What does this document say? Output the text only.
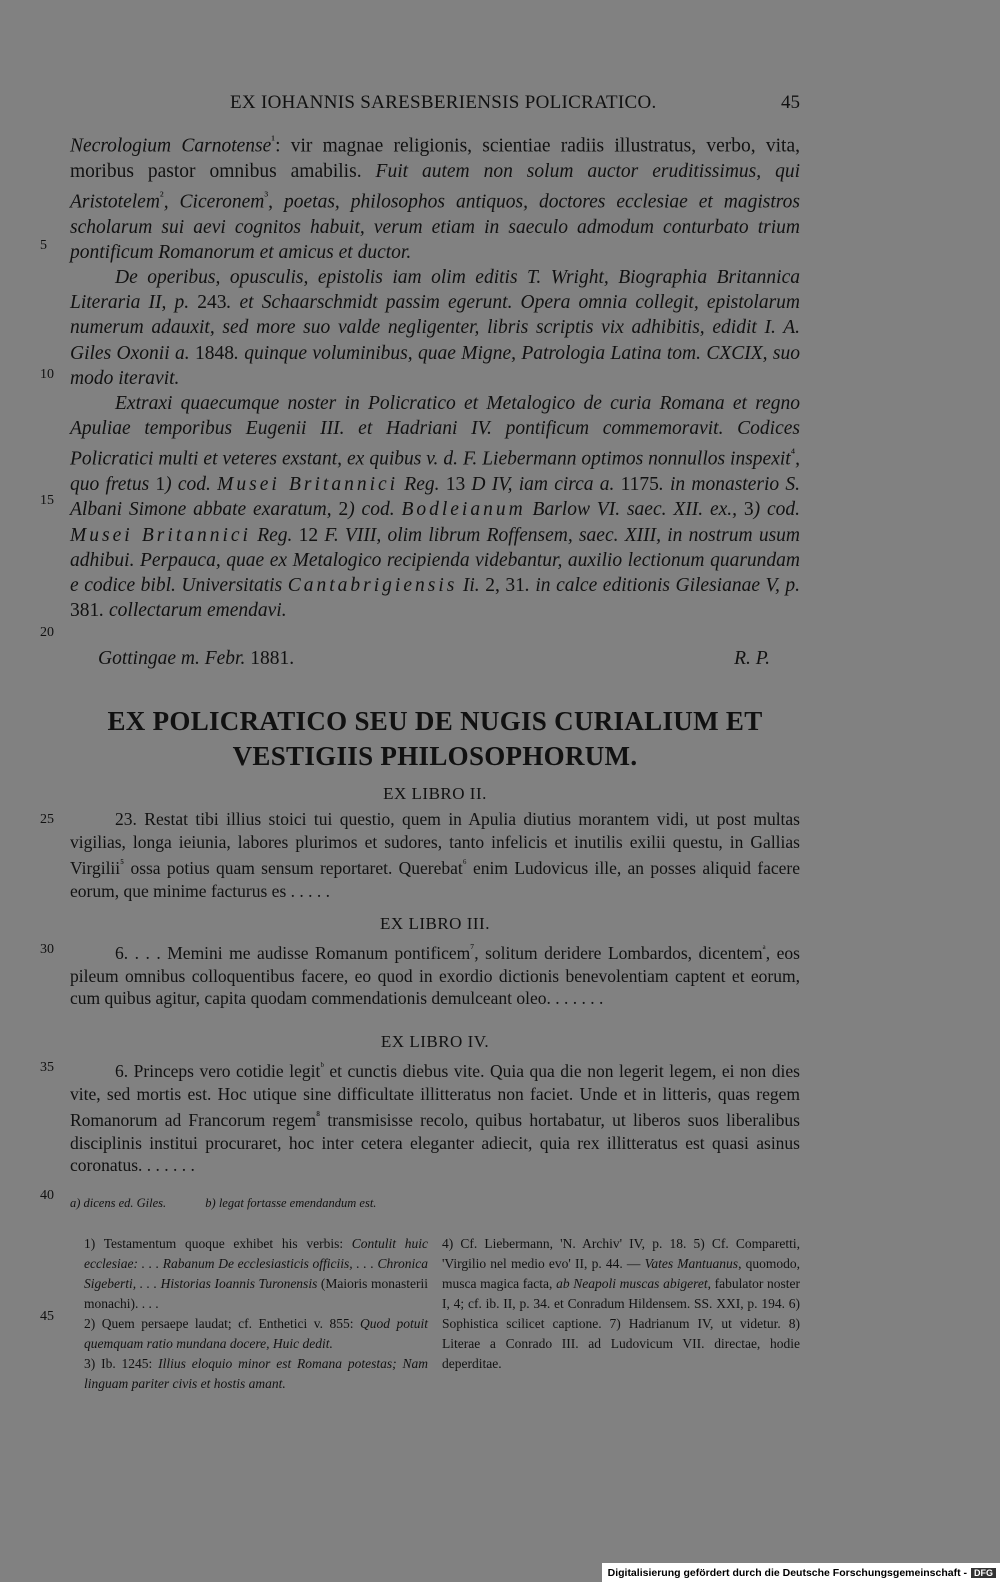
EX IOHANNIS SARESBERIENSIS POLICRATICO.	45

Necrologium Carnotense$^{^1}$: vir magnae religionis, scientiae radiis illustratus, verbo, vita, moribus pastor omnibus amabilis. Fuit autem non solum auctor eruditissimus, qui Aristotelem$^{^2}$, Ciceronem$^{^3}$, poetas, philosophos antiquos, doctores ecclesiae et magistros scholarum sui aevi cognitos habuit, verum etiam in saeculo admodum conturbato trium pontificum Romanorum et amicus et ductor.

De operibus, opusculis, epistolis iam olim editis T. Wright, Biographia Britannica Literaria II, p. 243. et Schaarschmidt passim egerunt. Opera omnia collegit, epistolarum numerum adauxit, sed more suo valde negligenter, libris scriptis vix adhibitis, edidit I. A. Giles Oxonii a. 1848. quinque voluminibus, quae Migne, Patrologia Latina tom. CXCIX, suo modo iteravit.

Extraxi quaecumque noster in Policratico et Metalogico de curia Romana et regno Apuliae temporibus Eugenii III. et Hadriani IV. pontificum commemoravit. Codices Policratici multi et veteres exstant, ex quibus v. d. F. Liebermann optimos nonnullos inspexit$^{^4}$, quo fretus 1) cod. Musei Britannici Reg. 13 D IV, iam circa a. 1175. in monasterio S. Albani Simone abbate exaratum, 2) cod. Bodleianum Barlow VI. saec. XII. ex., 3) cod. Musei Britannici Reg. 12 F. VIII, olim librum Roffensem, saec. XIII, in nostrum usum adhibui. Perpauca, quae ex Metalogico recipienda videbantur, auxilio lectionum quarundam e codice bibl. Universitatis Cantabrigiensis Ii. 2, 31. in calce editionis Gilesianae V, p. 381. collectarum emendavi.

Gottingae m. Febr. 1881.	R. P.
5
10
15
20
25
30
35
40
45
EX POLICRATICO SEU DE NUGIS CURIALIUM ET
VESTIGIIS PHILOSOPHORUM.
EX LIBRO II.

23. Restat tibi illius stoici tui questio, quem in Apulia diutius morantem vidi, ut post multas vigilias, longa ieiunia, labores plurimos et sudores, tanto infelicis et inutilis exilii questu, in Gallias Virgilii$^{^5}$ ossa potius quam sensum reportaret. Querebat$^{^6}$ enim Ludovicus ille, an posses aliquid facere eorum, que minime facturus es . . . . .

EX LIBRO III.

6. . . . Memini me audisse Romanum pontificem$^{^7}$, solitum deridere Lombardos, dicentem$^ᵃ$, eos pileum omnibus colloquentibus facere, eo quod in exordio dictionis benevolentiam captent et eorum, cum quibus agitur, capita quodam commendationis demulceant oleo. . . . . . .

EX LIBRO IV.

6. Princeps vero cotidie legit$^ᵇ$ et cunctis diebus vite. Quia qua die non legerit legem, ei non dies vite, sed mortis est. Hoc utique sine difficultate illitteratus non faciet. Unde et in litteris, quas regem Romanorum ad Francorum regem$^{^8}$ transmisisse recolo, quibus hortabatur, ut liberos suos liberalibus disciplinis institui procuraret, hoc inter cetera eleganter adiecit, quia rex illitteratus est quasi asinus coronatus. . . . . . .

a) dicens ed. Giles.	b) legat fortasse emendandum est.

1) Testamentum quoque exhibet his verbis: Contulit huic ecclesiae: . . . Rabanum De ecclesiasticis officiis, . . . Chronica Sigeberti, . . . Historias Ioannis Turonensis (Maioris monasterii monachi). . . .

2) Quem persaepe laudat; cf. Enthetici v. 855: Quod potuit quemquam ratio mundana docere, Huic dedit.

3) Ib. 1245: Illius eloquio minor est Romana potestas; Nam linguam pariter civis et hostis amant.

4) Cf. Liebermann, 'N. Archiv' IV, p. 18. 5) Cf. Comparetti, 'Virgilio nel medio evo' II, p. 44. — Vates Mantuanus, quomodo, musca magica facta, ab Neapoli muscas abigeret, fabulator noster I, 4; cf. ib. II, p. 34. et Conradum Hildensem. SS. XXI, p. 194. 6) Sophistica scilicet captione. 7) Hadrianum IV, ut videtur. 8) Literae a Conrado III. ad Ludovicum VII. directae, hodie deperditae.

Digitalisierung gefördert durch die Deutsche Forschungsgemeinschaft - DFG
